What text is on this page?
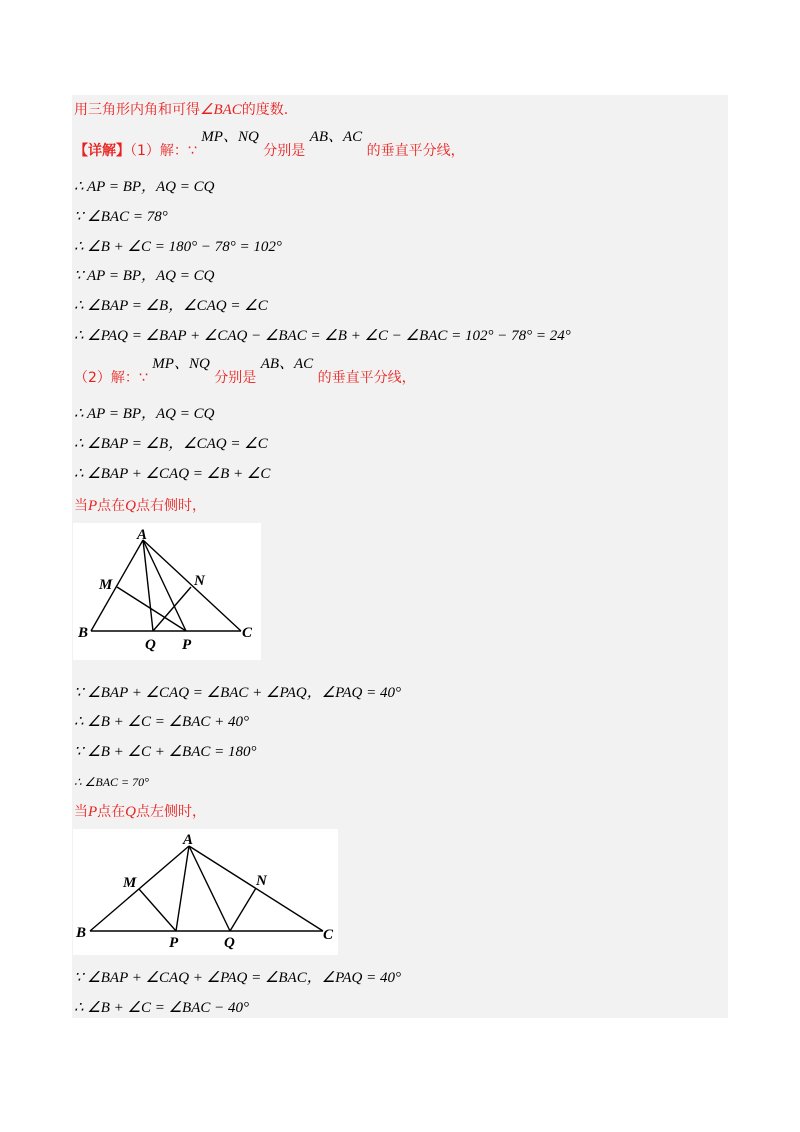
用三角形内角和可得∠BAC的度数.
【详解】（1）解：∵ MP、NQ 分别是 AB、AC 的垂直平分线，
∴ AP = BP，AQ = CQ
∵ ∠BAC = 78°
∴ ∠B + ∠C = 180° − 78° = 102°
∵ AP = BP，AQ = CQ
∴ ∠BAP = ∠B，∠CAQ = ∠C
∴ ∠PAQ = ∠BAP + ∠CAQ − ∠BAC = ∠B + ∠C − ∠BAC = 102° − 78° = 24°
（2）解：∵ MP、NQ 分别是 AB、AC 的垂直平分线，
∴ AP = BP，AQ = CQ
∴ ∠BAP = ∠B，∠CAQ = ∠C
∴ ∠BAP + ∠CAQ = ∠B + ∠C
当P点在Q点右侧时，
A
M	N
B
Q P
C
∵ ∠BAP + ∠CAQ = ∠BAC + ∠PAQ，∠PAQ = 40°
∴ ∠B + ∠C = ∠BAC + 40°
∵ ∠B + ∠C + ∠BAC = 180°
∴ ∠BAC = 70°
当P点在Q点左侧时，
A
M	N
B
P	Q	C
∵ ∠BAP + ∠CAQ + ∠PAQ = ∠BAC，∠PAQ = 40°
∴ ∠B + ∠C = ∠BAC − 40°
